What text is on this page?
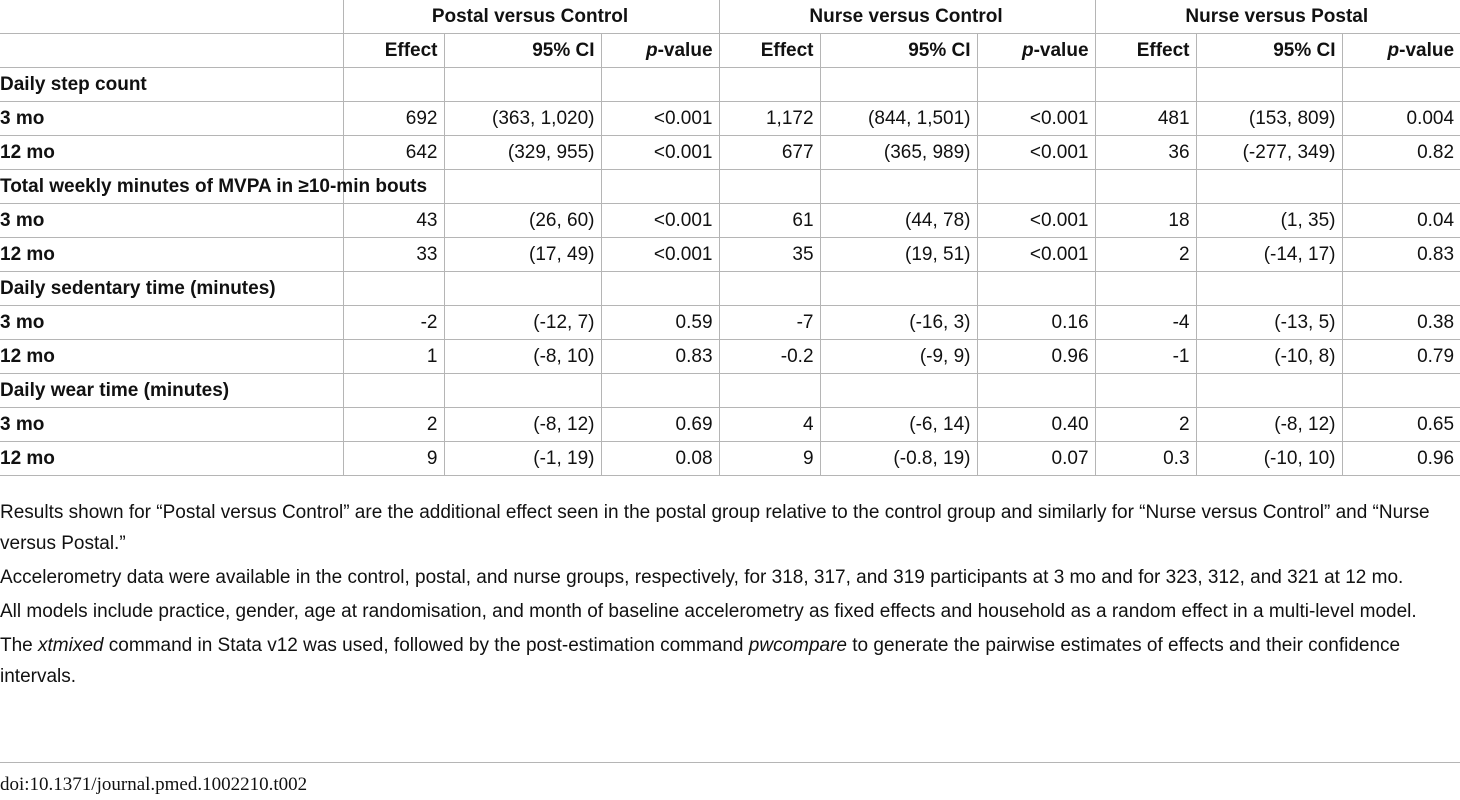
	Postal versus Control			Nurse versus Control			Nurse versus Postal		
	Effect	95% CI	p-value	Effect	95% CI	p-value	Effect	95% CI	p-value
Daily step count									
3 mo	692	(363, 1,020)	<0.001	1,172	(844, 1,501)	<0.001	481	(153, 809)	0.004
12 mo	642	(329, 955)	<0.001	677	(365, 989)	<0.001	36	(-277, 349)	0.82
Total weekly minutes of MVPA in ≥10-min bouts									
3 mo	43	(26, 60)	<0.001	61	(44, 78)	<0.001	18	(1, 35)	0.04
12 mo	33	(17, 49)	<0.001	35	(19, 51)	<0.001	2	(-14, 17)	0.83
Daily sedentary time (minutes)									
3 mo	-2	(-12, 7)	0.59	-7	(-16, 3)	0.16	-4	(-13, 5)	0.38
12 mo	1	(-8, 10)	0.83	-0.2	(-9, 9)	0.96	-1	(-10, 8)	0.79
Daily wear time (minutes)									
3 mo	2	(-8, 12)	0.69	4	(-6, 14)	0.40	2	(-8, 12)	0.65
12 mo	9	(-1, 19)	0.08	9	(-0.8, 19)	0.07	0.3	(-10, 10)	0.96

Results shown for “Postal versus Control” are the additional effect seen in the postal group relative to the control group and similarly for “Nurse versus Control” and “Nurse versus Postal.”

Accelerometry data were available in the control, postal, and nurse groups, respectively, for 318, 317, and 319 participants at 3 mo and for 323, 312, and 321 at 12 mo.

All models include practice, gender, age at randomisation, and month of baseline accelerometry as fixed effects and household as a random effect in a multi-level model.

The xtmixed command in Stata v12 was used, followed by the post-estimation command pwcompare to generate the pairwise estimates of effects and their confidence intervals.

doi:10.1371/journal.pmed.1002210.t002
